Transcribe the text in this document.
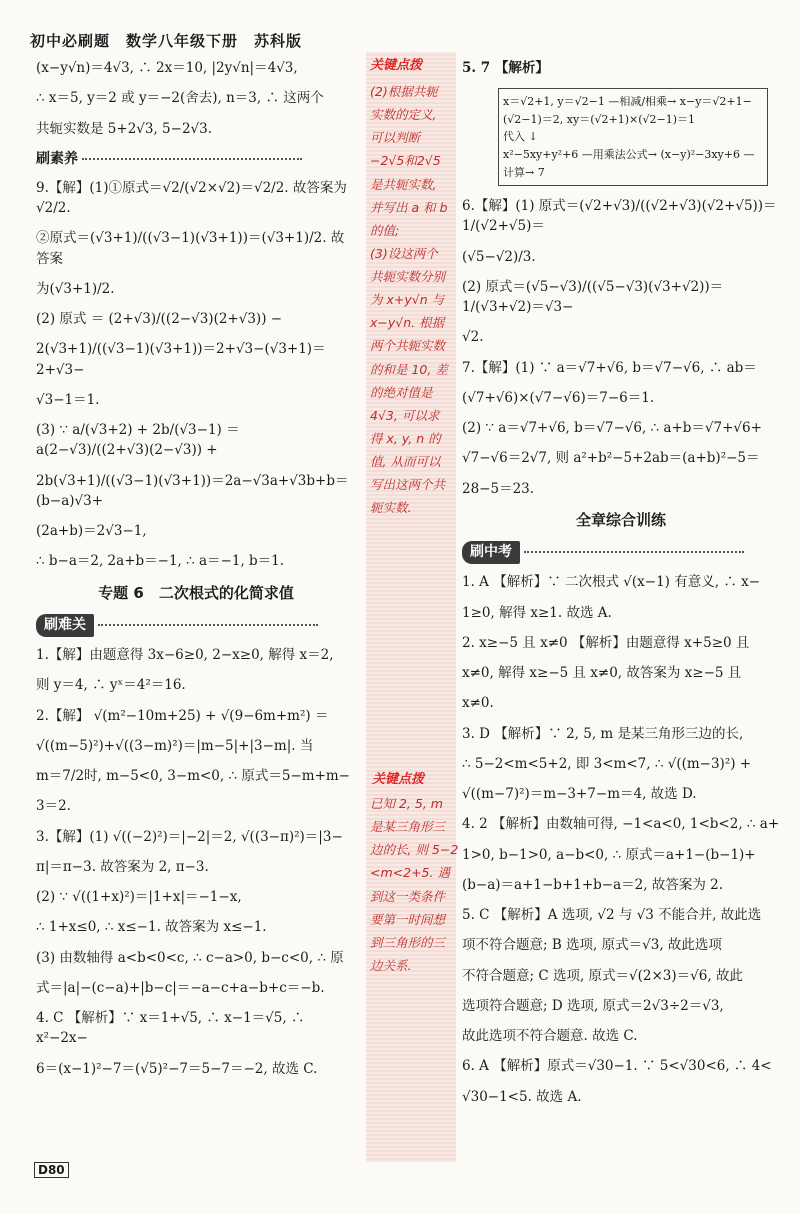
初中必刷题　数学八年级下册　苏科版

(x−y√n)＝4√3, ∴ 2x＝10, |2y√n|＝4√3,

∴ x＝5, y＝2 或 y＝−2(舍去), n＝3, ∴ 这两个

共轭实数是 5+2√3, 5−2√3.

刷素养

9.【解】(1)①原式＝√2/(√2×√2)＝√2/2. 故答案为√2/2.

②原式＝(√3+1)/((√3−1)(√3+1))＝(√3+1)/2. 故答案

为(√3+1)/2.

(2) 原式 ＝ (2+√3)/((2−√3)(2+√3)) −

2(√3+1)/((√3−1)(√3+1))＝2+√3−(√3+1)＝2+√3−

√3−1＝1.

(3) ∵ a/(√3+2) + 2b/(√3−1) ＝ a(2−√3)/((2+√3)(2−√3)) +

2b(√3+1)/((√3−1)(√3+1))＝2a−√3a+√3b+b＝(b−a)√3+

(2a+b)＝2√3−1,

∴ b−a＝2, 2a+b＝−1, ∴ a＝−1, b＝1.

专题 6　二次根式的化简求值
刷难关

1.【解】由题意得 3x−6≥0, 2−x≥0, 解得 x＝2,

则 y＝4, ∴ yˣ＝4²＝16.

2.【解】 √(m²−10m+25) + √(9−6m+m²) ＝

√((m−5)²)+√((3−m)²)＝|m−5|+|3−m|. 当

m＝7/2时, m−5<0, 3−m<0, ∴ 原式＝5−m+m−

3＝2.

3.【解】(1) √((−2)²)＝|−2|＝2, √((3−π)²)＝|3−

π|＝π−3. 故答案为 2, π−3.

(2) ∵ √((1+x)²)＝|1+x|＝−1−x,

∴ 1+x≤0, ∴ x≤−1. 故答案为 x≤−1.

(3) 由数轴得 a<b<0<c, ∴ c−a>0, b−c<0, ∴ 原

式＝|a|−(c−a)+|b−c|＝−a−c+a−b+c＝−b.

4. C 【解析】∵ x＝1+√5, ∴ x−1＝√5, ∴ x²−2x−

6＝(x−1)²−7＝(√5)²−7＝5−7＝−2, 故选 C.

关键点拨
(2)根据共轭
实数的定义,
可以判断
−2√5和2√5
是共轭实数,
并写出 a 和 b
的值;
(3)设这两个
共轭实数分别
为 x+y√n 与
x−y√n. 根据
两个共轭实数
的和是 10, 差
的绝对值是
4√3, 可以求
得 x, y, n 的
值, 从而可以
写出这两个共
轭实数.
关键点拨
已知 2, 5, m
是某三角形三
边的长, 则 5−2
<m<2+5. 遇
到这一类条件
要第一时间想
到三角形的三
边关系.

5. 7 【解析】

x＝√2+1, y＝√2−1 —相减/相乘→ x−y＝√2+1−(√2−1)＝2, xy＝(√2+1)×(√2−1)＝1
代入 ↓
x²−5xy+y²+6 —用乘法公式→ (x−y)²−3xy+6 —计算→ 7

6.【解】(1) 原式＝(√2+√3)/((√2+√3)(√2+√5))＝1/(√2+√5)＝

(√5−√2)/3.

(2) 原式＝(√5−√3)/((√5−√3)(√3+√2))＝1/(√3+√2)＝√3−

√2.

7.【解】(1) ∵ a＝√7+√6, b＝√7−√6, ∴ ab＝

(√7+√6)×(√7−√6)＝7−6＝1.

(2) ∵ a＝√7+√6, b＝√7−√6, ∴ a+b＝√7+√6+

√7−√6＝2√7, 则 a²+b²−5+2ab＝(a+b)²−5＝

28−5＝23.

全章综合训练
刷中考

1. A 【解析】∵ 二次根式 √(x−1) 有意义, ∴ x−

1≥0, 解得 x≥1. 故选 A.

2. x≥−5 且 x≠0 【解析】由题意得 x+5≥0 且

x≠0, 解得 x≥−5 且 x≠0, 故答案为 x≥−5 且

x≠0.

3. D 【解析】∵ 2, 5, m 是某三角形三边的长,

∴ 5−2<m<5+2, 即 3<m<7, ∴ √((m−3)²) +

√((m−7)²)＝m−3+7−m＝4, 故选 D.

4. 2 【解析】由数轴可得, −1<a<0, 1<b<2, ∴ a+

1>0, b−1>0, a−b<0, ∴ 原式＝a+1−(b−1)+

(b−a)＝a+1−b+1+b−a＝2, 故答案为 2.

5. C 【解析】A 选项, √2 与 √3 不能合并, 故此选

项不符合题意; B 选项, 原式＝√3, 故此选项

不符合题意; C 选项, 原式＝√(2×3)＝√6, 故此

选项符合题意; D 选项, 原式＝2√3÷2＝√3,

故此选项不符合题意. 故选 C.

6. A 【解析】原式＝√30−1. ∵ 5<√30<6, ∴ 4<

√30−1<5. 故选 A.

D80
